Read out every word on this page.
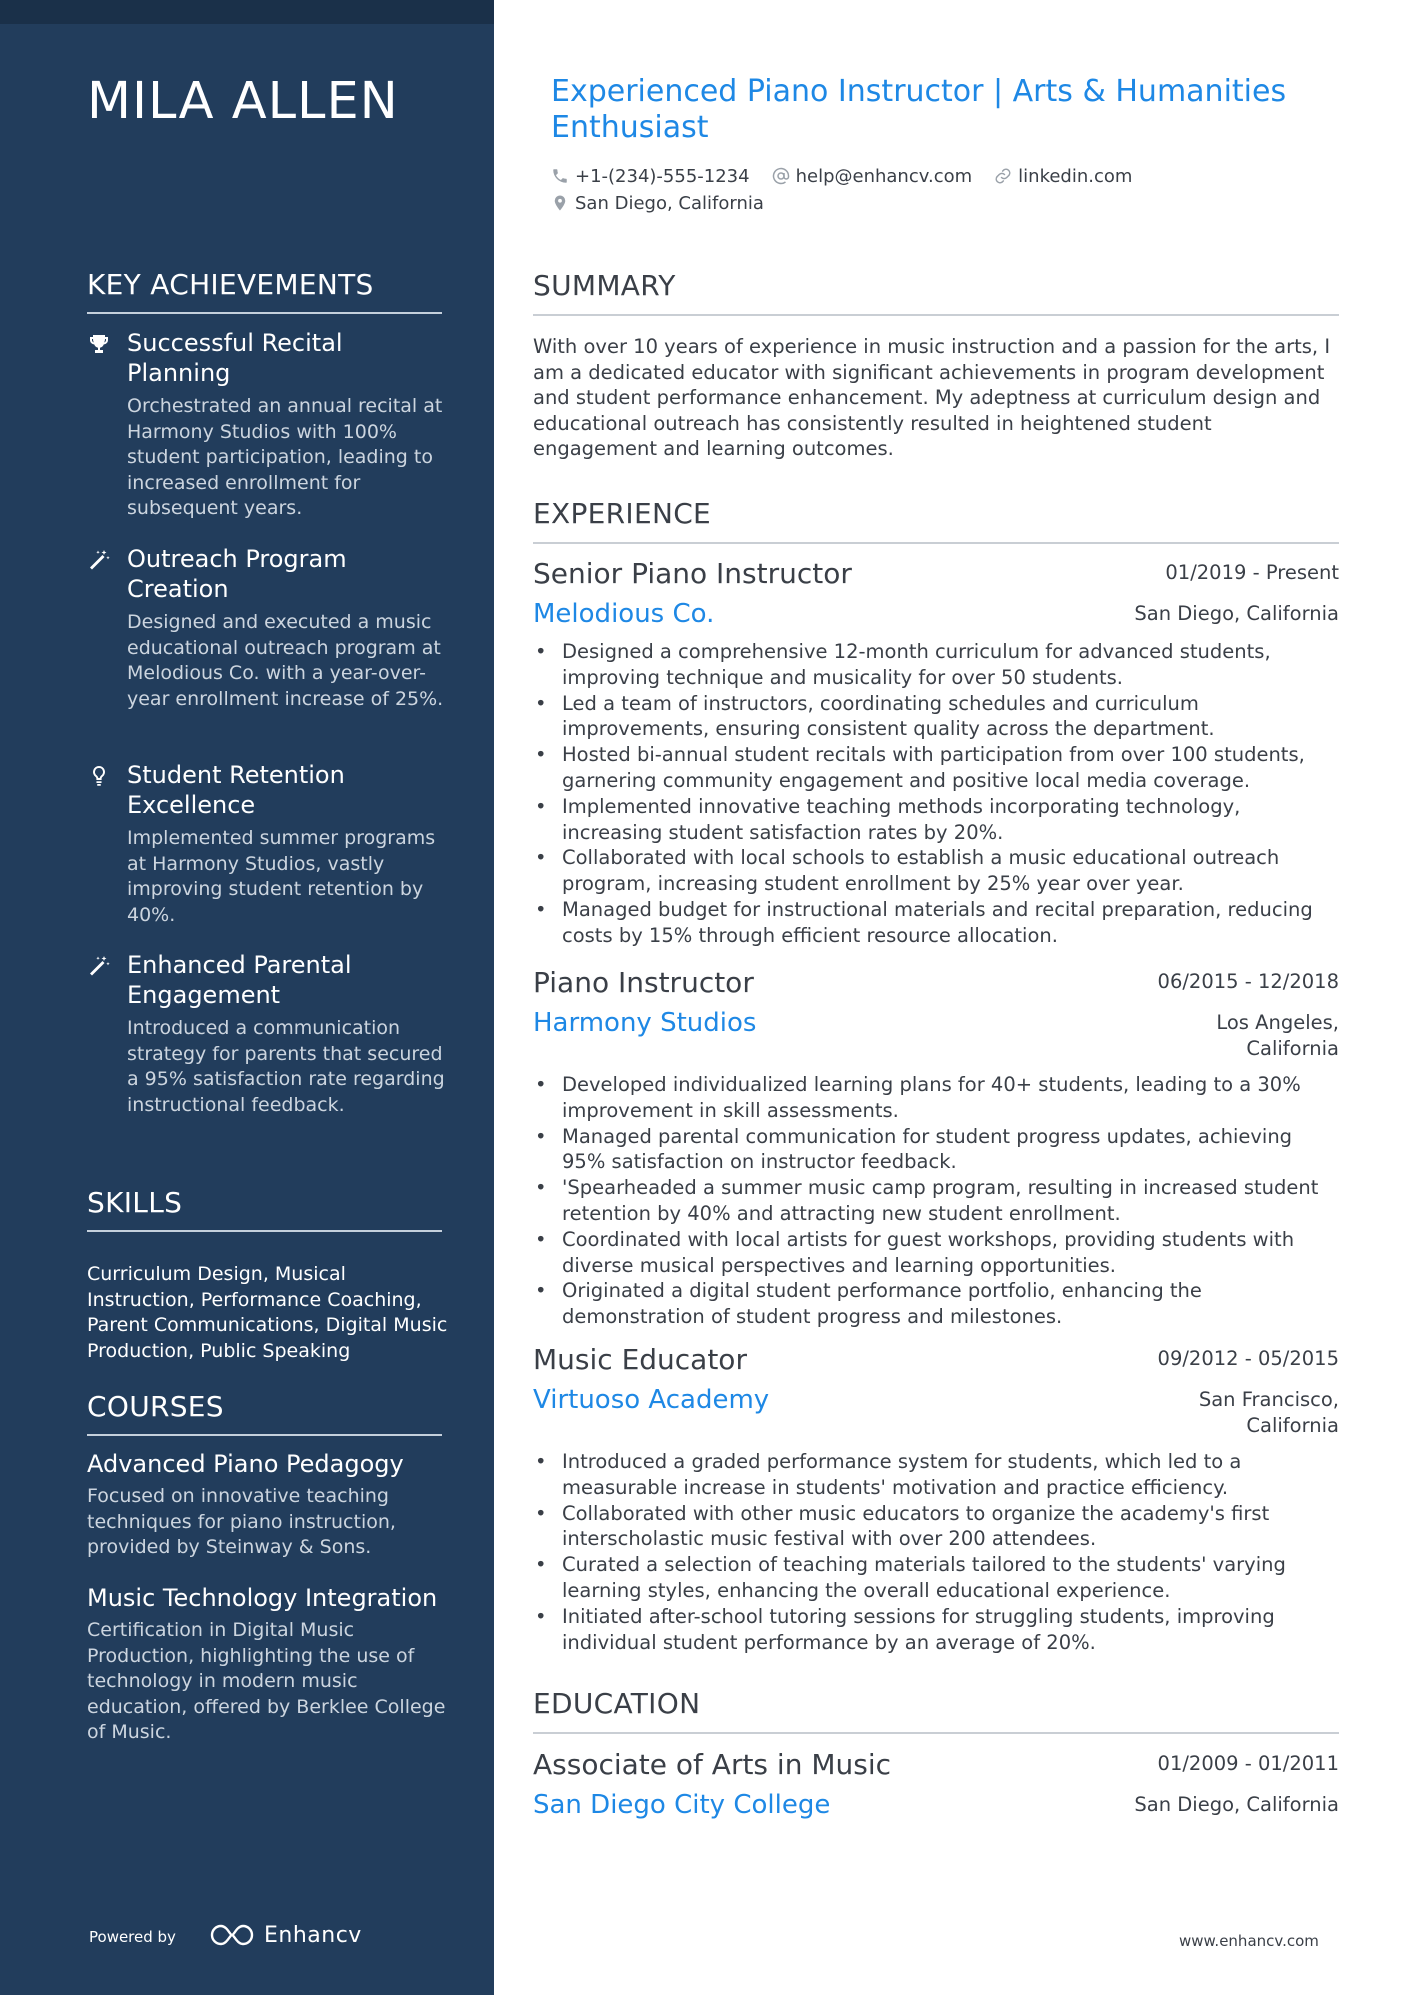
MILA ALLEN
KEY ACHIEVEMENTS
Successful Recital Planning
Orchestrated an annual recital at Harmony Studios with 100% student participation, leading to increased enrollment for subsequent years.
Outreach Program Creation
Designed and executed a music educational outreach program at Melodious Co. with a year-over-year enrollment increase of 25%.
Student Retention Excellence
Implemented summer programs at Harmony Studios, vastly improving student retention by 40%.
Enhanced Parental Engagement
Introduced a communication strategy for parents that secured a 95% satisfaction rate regarding instructional feedback.
SKILLS
Curriculum Design, Musical Instruction, Performance Coaching, Parent Communications, Digital Music Production, Public Speaking
COURSES
Advanced Piano Pedagogy
Focused on innovative teaching techniques for piano instruction, provided by Steinway & Sons.
Music Technology Integration
Certification in Digital Music Production, highlighting the use of technology in modern music education, offered by Berklee College of Music.
Powered by	Enhancv
Experienced Piano Instructor | Arts & Humanities Enthusiast
+1-(234)-555-1234	help@enhancv.com	linkedin.com
San Diego, California
SUMMARY
With over 10 years of experience in music instruction and a passion for the arts, I am a dedicated educator with significant achievements in program development and student performance enhancement. My adeptness at curriculum design and educational outreach has consistently resulted in heightened student engagement and learning outcomes.
EXPERIENCE
Senior Piano Instructor	01/2019 - Present
Melodious Co.	San Diego, California
• Designed a comprehensive 12-month curriculum for advanced students, improving technique and musicality for over 50 students.
• Led a team of instructors, coordinating schedules and curriculum improvements, ensuring consistent quality across the department.
• Hosted bi-annual student recitals with participation from over 100 students, garnering community engagement and positive local media coverage.
• Implemented innovative teaching methods incorporating technology, increasing student satisfaction rates by 20%.
• Collaborated with local schools to establish a music educational outreach program, increasing student enrollment by 25% year over year.
• Managed budget for instructional materials and recital preparation, reducing costs by 15% through efficient resource allocation.
Piano Instructor	06/2015 - 12/2018
Harmony Studios	Los Angeles, California
• Developed individualized learning plans for 40+ students, leading to a 30% improvement in skill assessments.
• Managed parental communication for student progress updates, achieving 95% satisfaction on instructor feedback.
• 'Spearheaded a summer music camp program, resulting in increased student retention by 40% and attracting new student enrollment.
• Coordinated with local artists for guest workshops, providing students with diverse musical perspectives and learning opportunities.
• Originated a digital student performance portfolio, enhancing the demonstration of student progress and milestones.
Music Educator	09/2012 - 05/2015
Virtuoso Academy	San Francisco, California
• Introduced a graded performance system for students, which led to a measurable increase in students' motivation and practice efficiency.
• Collaborated with other music educators to organize the academy's first interscholastic music festival with over 200 attendees.
• Curated a selection of teaching materials tailored to the students' varying learning styles, enhancing the overall educational experience.
• Initiated after-school tutoring sessions for struggling students, improving individual student performance by an average of 20%.
EDUCATION
Associate of Arts in Music	01/2009 - 01/2011
San Diego City College	San Diego, California
www.enhancv.com
